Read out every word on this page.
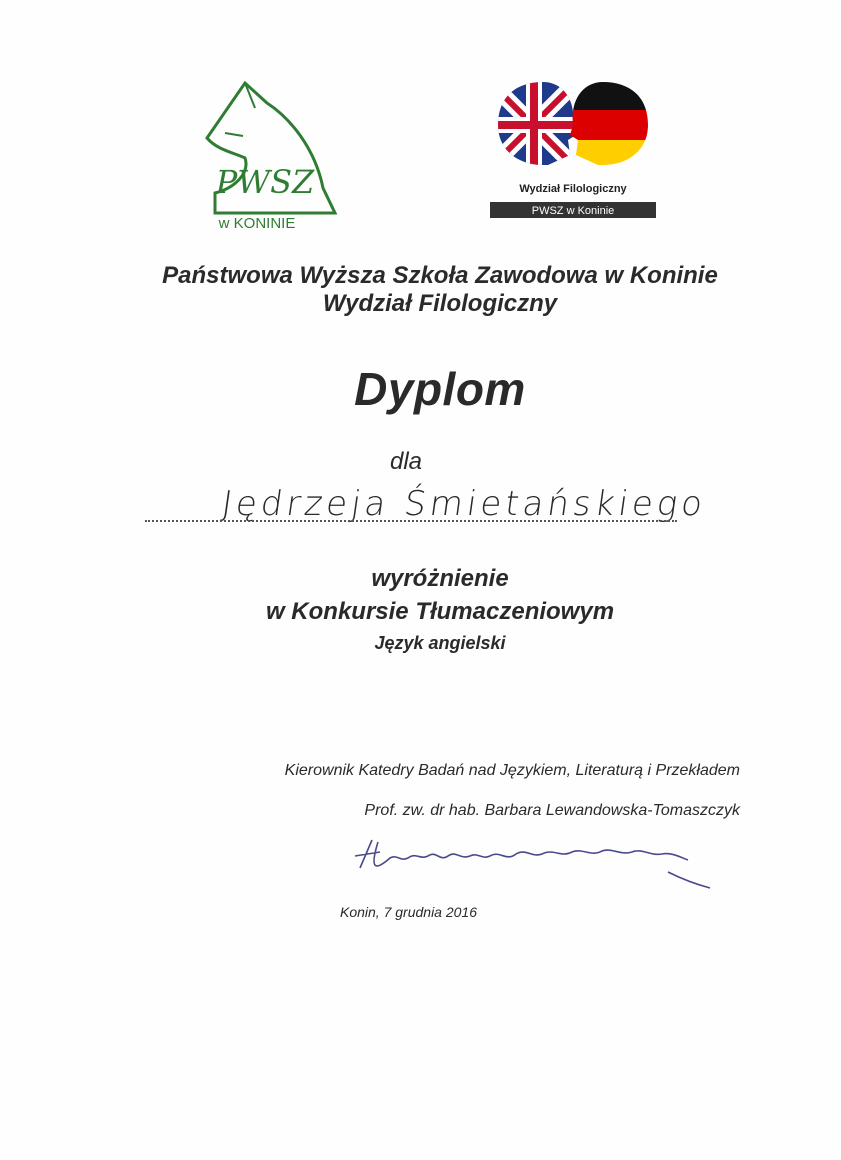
PWSZ
w KONINIE
Wydział Filologiczny
PWSZ w Koninie
Państwowa Wyższa Szkoła Zawodowa w Koninie
Wydział Filologiczny
Dyplom
dla
Jędrzeja Śmietańskiego
wyróżnienie
w Konkursie Tłumaczeniowym
Język angielski
Kierownik Katedry Badań nad Językiem, Literaturą i Przekładem
Prof. zw. dr hab. Barbara Lewandowska-Tomaszczyk
Konin, 7 grudnia 2016
